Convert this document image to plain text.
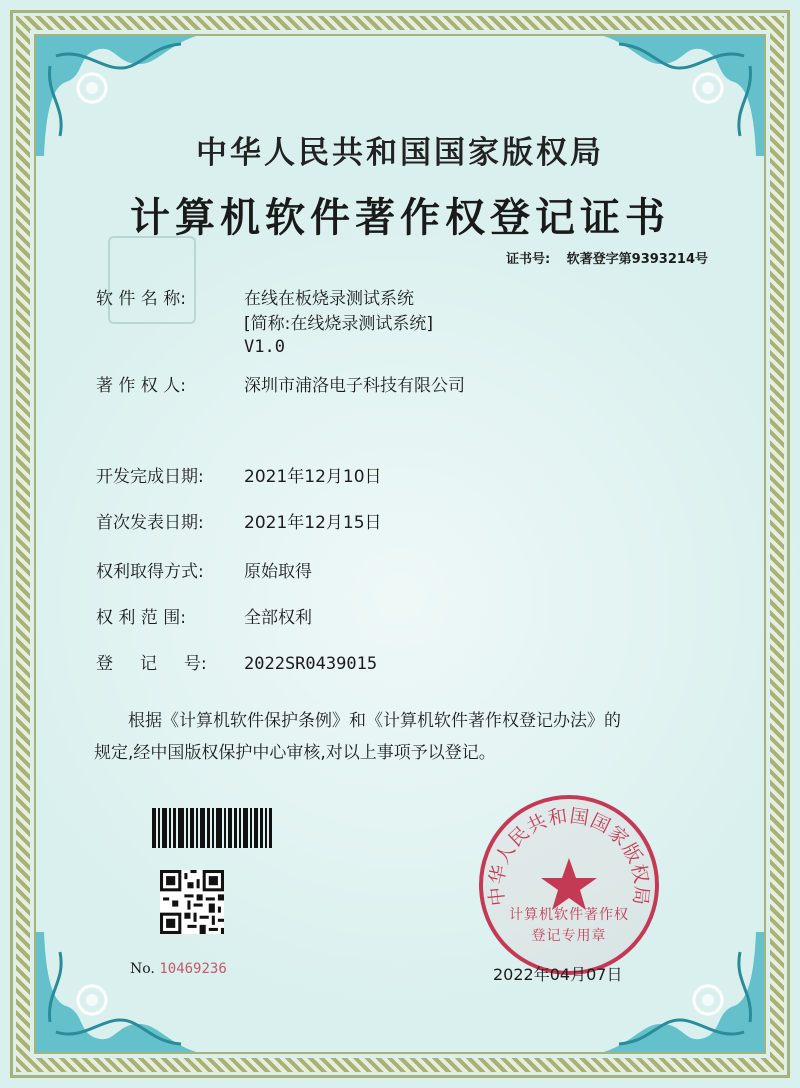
中华人民共和国国家版权局
计算机软件著作权登记证书
证书号: 软著登字第9393214号
软 件 名 称:	在线在板烧录测试系统
[简称:在线烧录测试系统]
V1.0
著 作 权 人:	深圳市浦洛电子科技有限公司
开发完成日期:	2021年12月10日
首次发表日期:	2021年12月15日
权利取得方式:	原始取得
权 利 范 围:	全部权利
登     记     号:	2022SR0439015

根据《计算机软件保护条例》和《计算机软件著作权登记办法》的

规定,经中国版权保护中心审核,对以上事项予以登记。

No. 10469236
中华人民共和国国家版权局
计算机软件著作权
登记专用章
2022年04月07日
